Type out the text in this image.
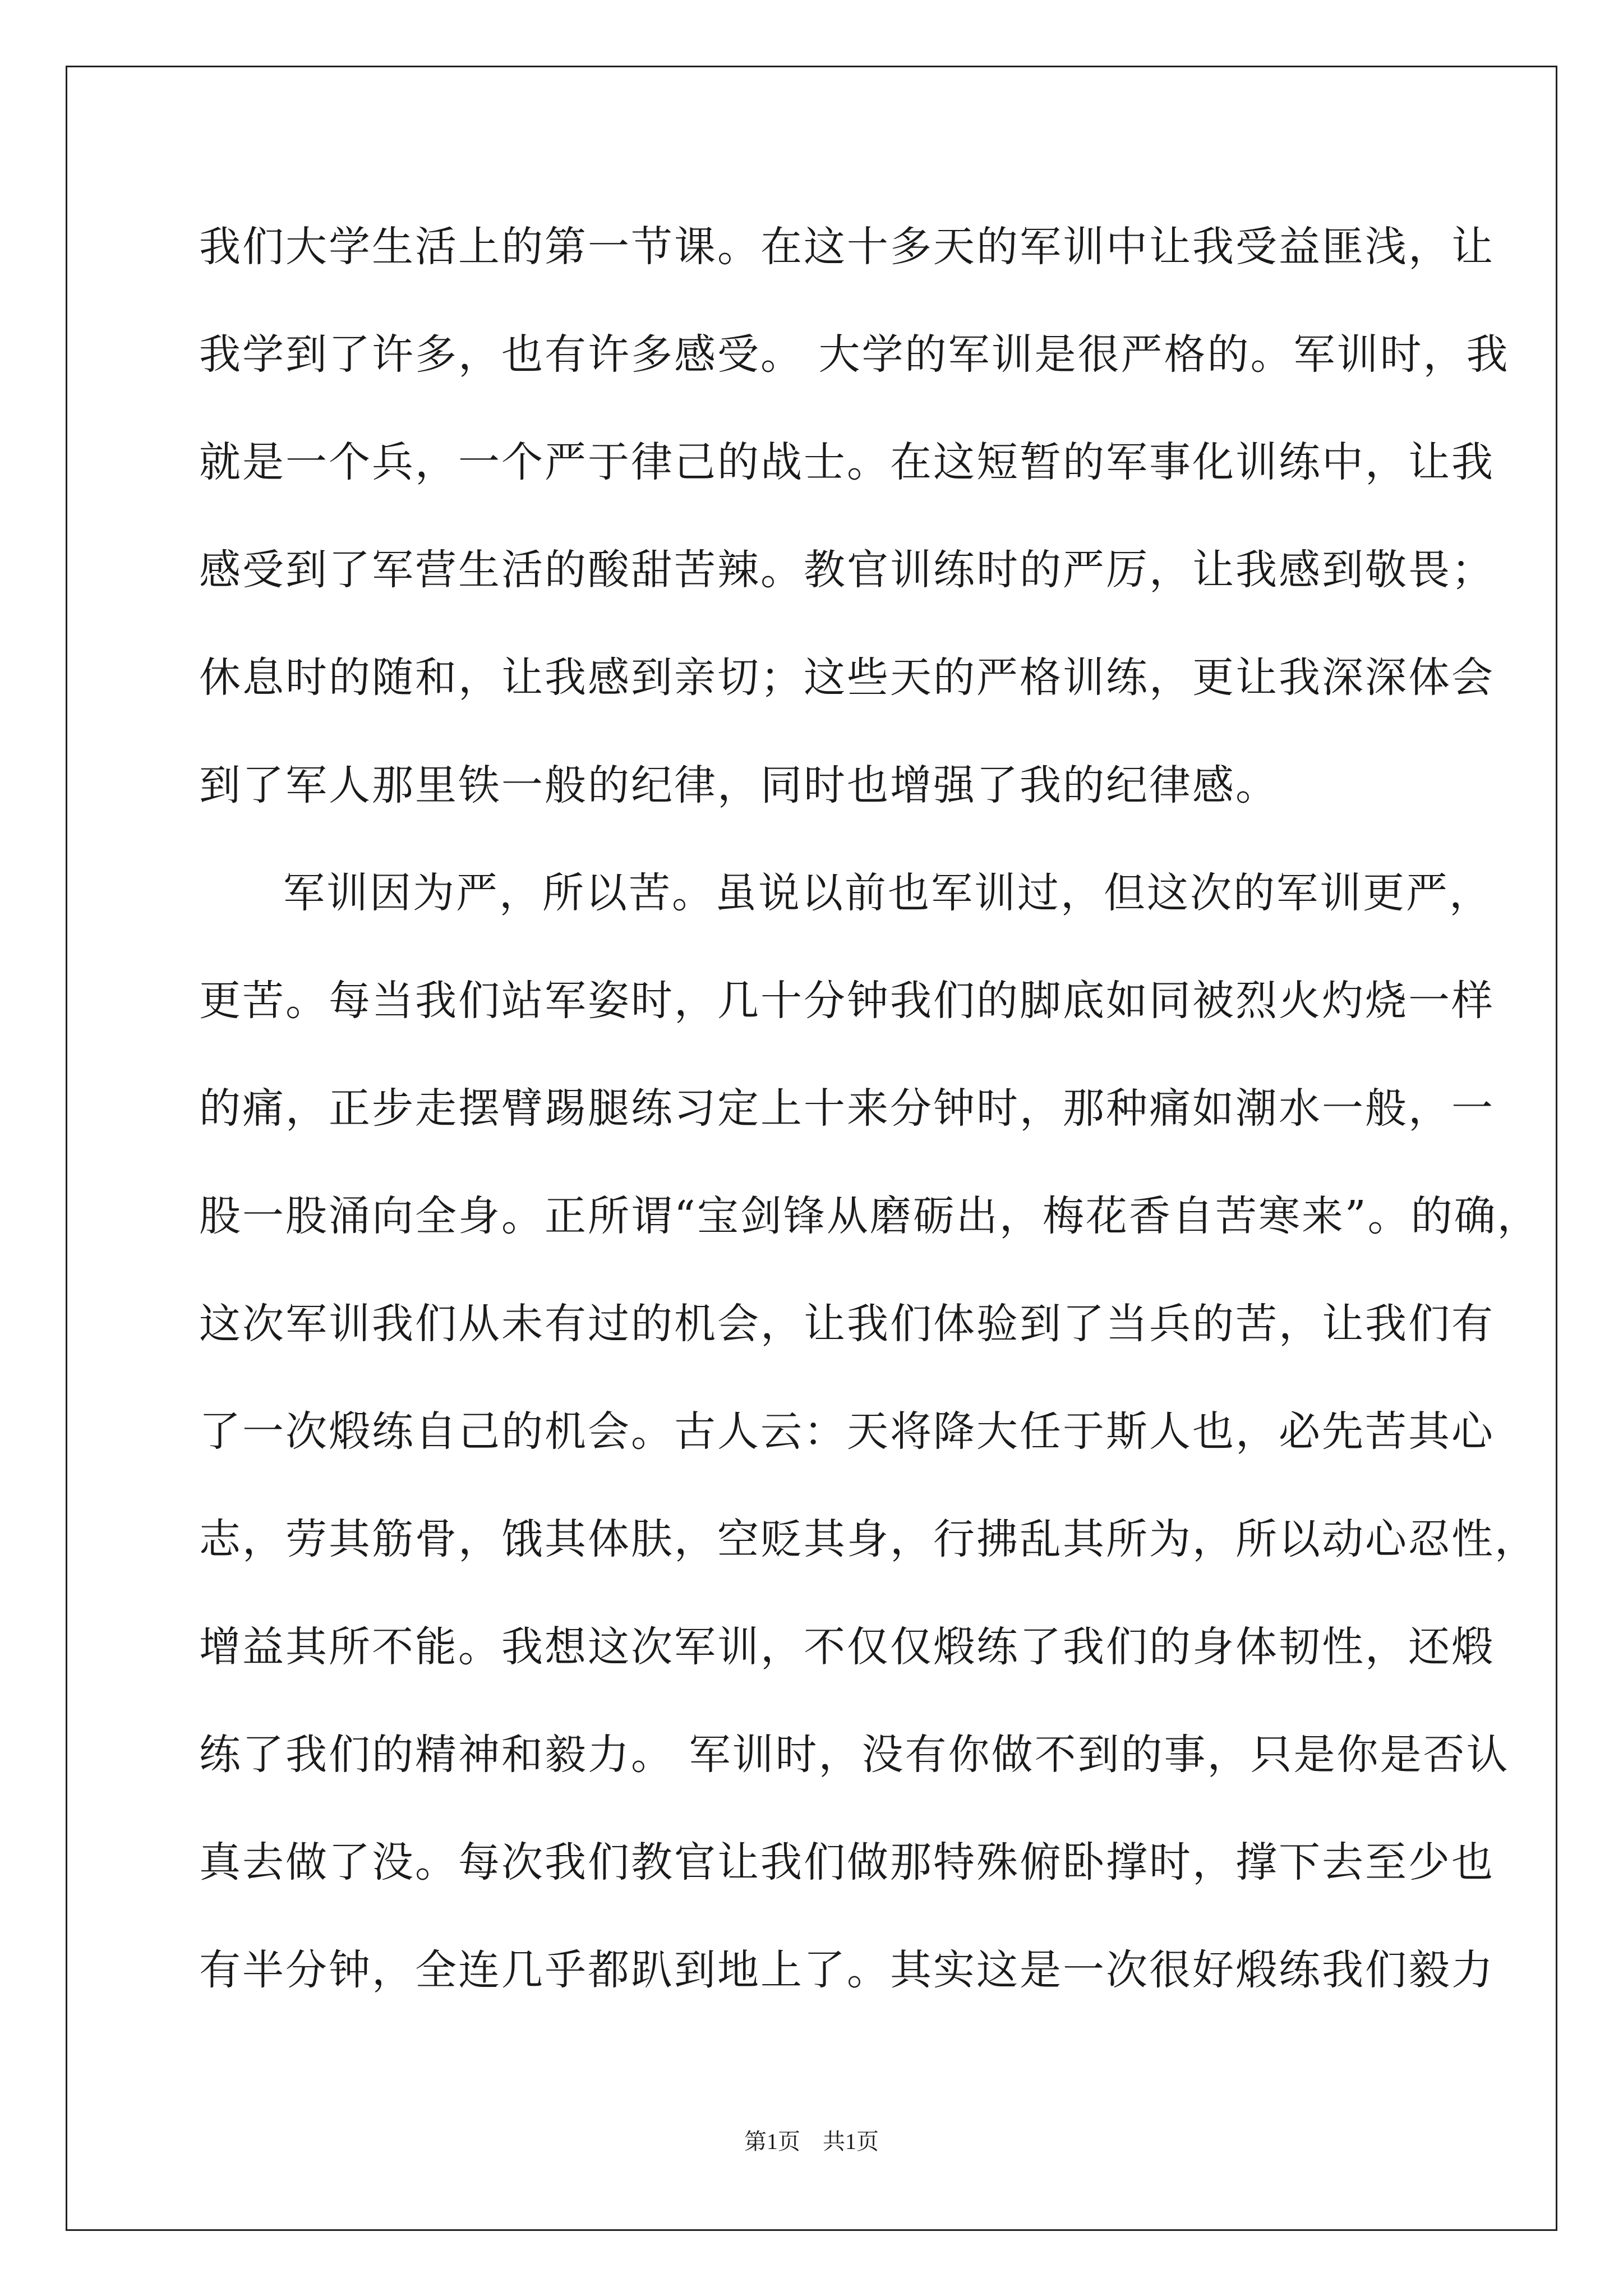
我们大学生活上的第一节课。在这十多天的军训中让我受益匪浅，让
我学到了许多，也有许多感受。 大学的军训是很严格的。军训时，我
就是一个兵，一个严于律己的战士。在这短暂的军事化训练中，让我
感受到了军营生活的酸甜苦辣。教官训练时的严厉，让我感到敬畏；
休息时的随和，让我感到亲切；这些天的严格训练，更让我深深体会
到了军人那里铁一般的纪律，同时也增强了我的纪律感。
军训因为严，所以苦。虽说以前也军训过，但这次的军训更严，
更苦。每当我们站军姿时，几十分钟我们的脚底如同被烈火灼烧一样
的痛，正步走摆臂踢腿练习定上十来分钟时，那种痛如潮水一般，一
股一股涌向全身。正所谓“宝剑锋从磨砺出，梅花香自苦寒来”。的确，
这次军训我们从未有过的机会，让我们体验到了当兵的苦，让我们有
了一次煅练自己的机会。古人云：天将降大任于斯人也，必先苦其心
志，劳其筋骨，饿其体肤，空贬其身，行拂乱其所为，所以动心忍性，
增益其所不能。我想这次军训，不仅仅煅练了我们的身体韧性，还煅
练了我们的精神和毅力。 军训时，没有你做不到的事，只是你是否认
真去做了没。每次我们教官让我们做那特殊俯卧撑时，撑下去至少也
有半分钟，全连几乎都趴到地上了。其实这是一次很好煅练我们毅力
第1页 共1页
